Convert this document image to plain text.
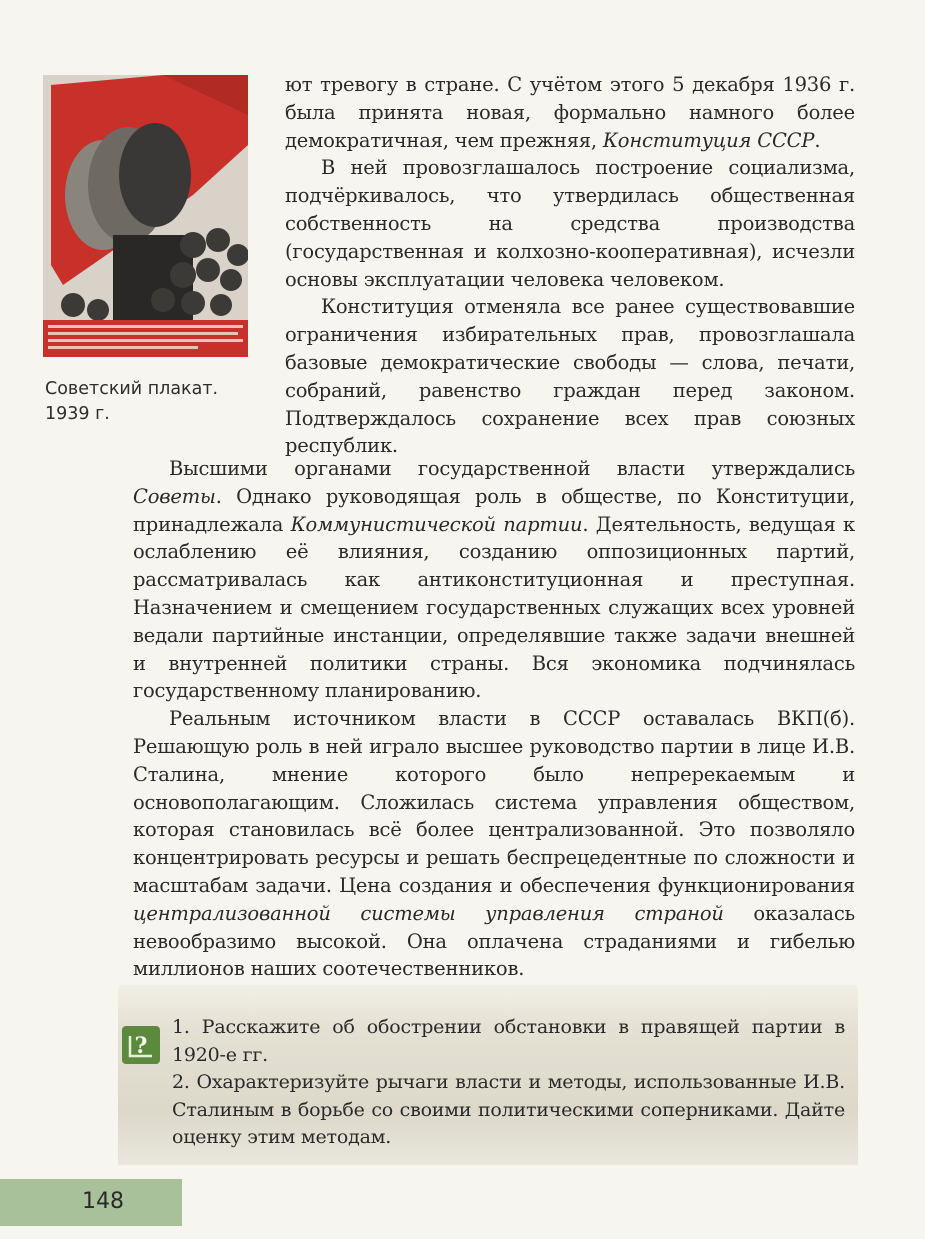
Советский плакат.
1939 г.

ют тревогу в стране. С учётом этого 5 декабря 1936 г. была принята новая, формально намного более демократичная, чем прежняя, Конституция СССР.

В ней провозглашалось построение социализма, подчёркивалось, что утвердилась общественная собственность на средства производства (государственная и колхозно-кооперативная), исчезли основы эксплуатации человека человеком.

Конституция отменяла все ранее существовавшие ограничения избирательных прав, провозглашала базовые демократические свободы — слова, печати, собраний, равенство граждан перед законом. Подтверждалось сохранение всех прав союзных республик.

Высшими органами государственной власти утверждались Советы. Однако руководящая роль в обществе, по Конституции, принадлежала Коммунистической партии. Деятельность, ведущая к ослаблению её влияния, созданию оппозиционных партий, рассматривалась как антиконституционная и преступная. Назначением и смещением государственных служащих всех уровней ведали партийные инстанции, определявшие также задачи внешней и внутренней политики страны. Вся экономика подчинялась государственному планированию.

Реальным источником власти в СССР оставалась ВКП(б). Решающую роль в ней играло высшее руководство партии в лице И.В. Сталина, мнение которого было непререкаемым и основополагающим. Сложилась система управления обществом, которая становилась всё более централизованной. Это позволяло концентрировать ресурсы и решать беспрецедентные по сложности и масштабам задачи. Цена создания и обеспечения функционирования централизованной системы управления страной оказалась невообразимо высокой. Она оплачена страданиями и гибелью миллионов наших соотечественников.

?

1. Расскажите об обострении обстановки в правящей партии в 1920-е гг.

2. Охарактеризуйте рычаги власти и методы, использованные И.В. Сталиным в борьбе со своими политическими соперниками. Дайте оценку этим методам.

148
